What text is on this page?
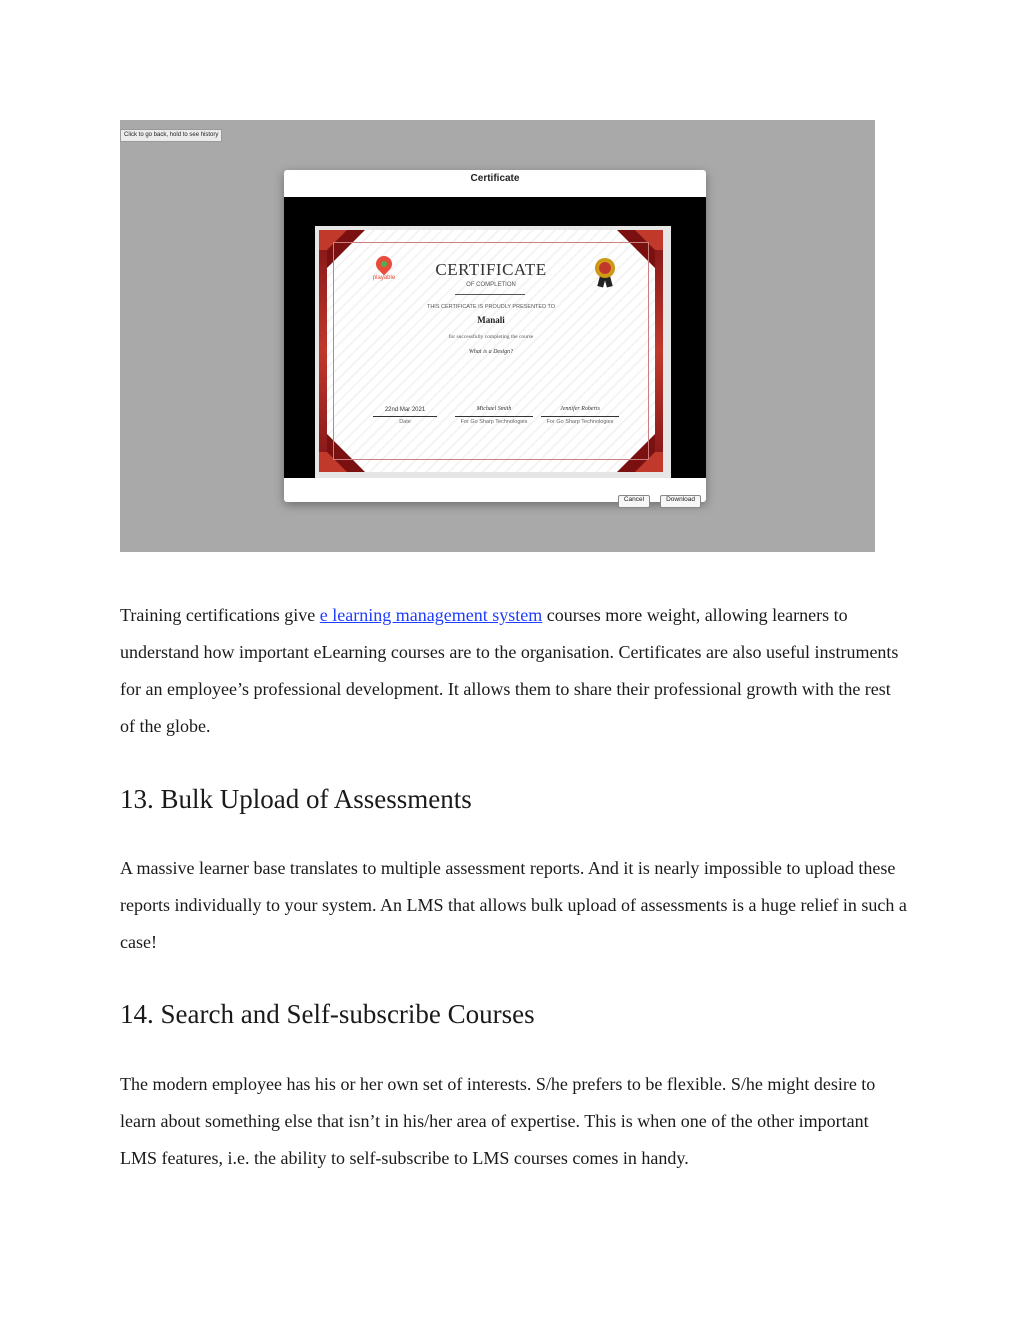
Click to go back, hold to see history
Certificate
playable	CERTIFICATE
OF COMPLETION
THIS CERTIFICATE IS PROUDLY PRESENTED TO
Manali
for successfully completing the course
What is a Design?
22nd Mar 2021
Date
Michael Smith
For Go Sharp Technologies
Jennifer Roberts
For Go Sharp Technologies
Cancel	Download

Training certifications give e learning management system courses more weight, allowing learners to understand how important eLearning courses are to the organisation. Certificates are also useful instruments for an employee’s professional development. It allows them to share their professional growth with the rest of the globe.

13. Bulk Upload of Assessments

A massive learner base translates to multiple assessment reports. And it is nearly impossible to upload these reports individually to your system. An LMS that allows bulk upload of assessments is a huge relief in such a case!

14. Search and Self-subscribe Courses

The modern employee has his or her own set of interests. S/he prefers to be flexible. S/he might desire to learn about something else that isn’t in his/her area of expertise. This is when one of the other important LMS features, i.e. the ability to self-subscribe to LMS courses comes in handy.
